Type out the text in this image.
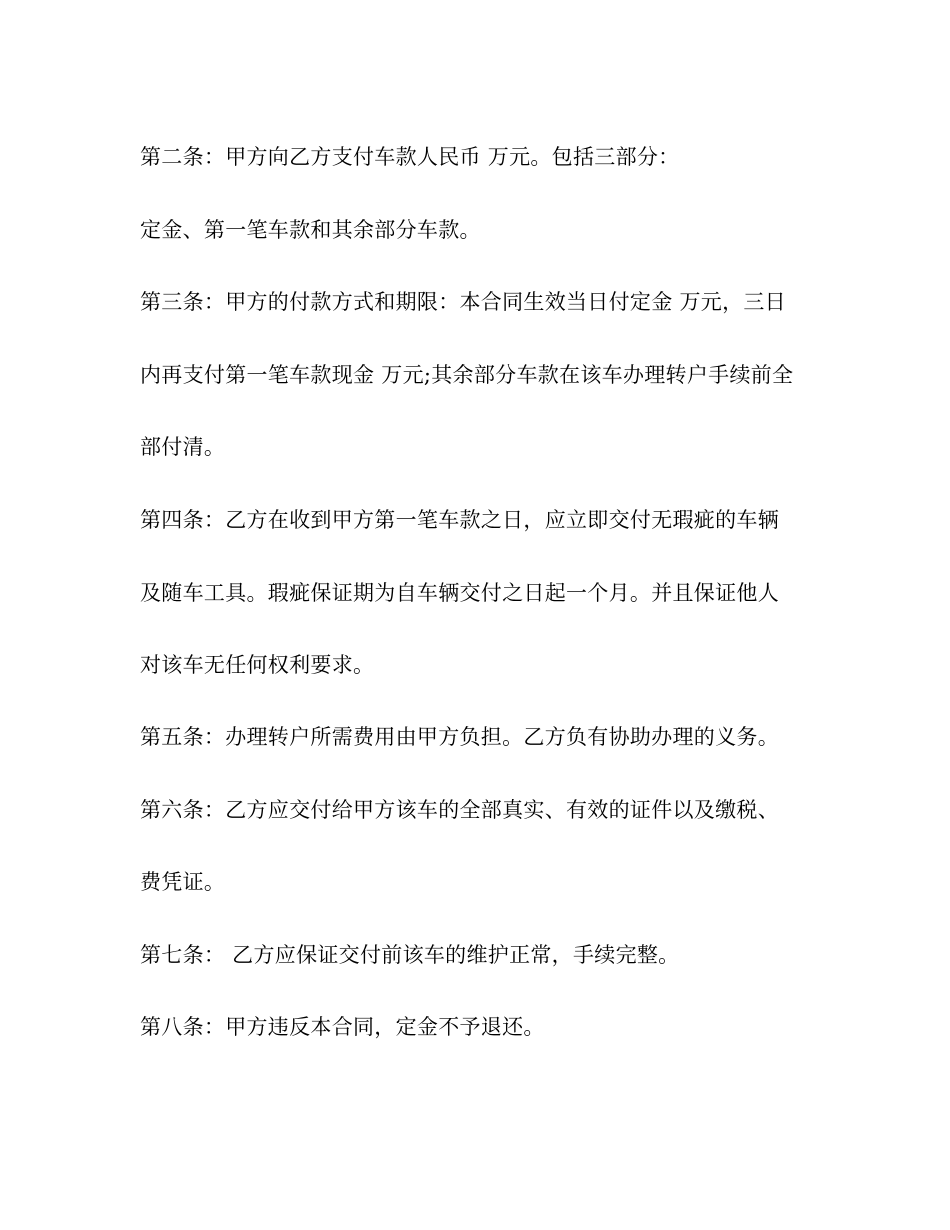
第二条：甲方向乙方支付车款人民币 万元。包括三部分：
定金、第一笔车款和其余部分车款。
第三条：甲方的付款方式和期限：本合同生效当日付定金 万元，三日
内再支付第一笔车款现金 万元;其余部分车款在该车办理转户手续前全
部付清。
第四条：乙方在收到甲方第一笔车款之日，应立即交付无瑕疵的车辆
及随车工具。瑕疵保证期为自车辆交付之日起一个月。并且保证他人
对该车无任何权利要求。
第五条：办理转户所需费用由甲方负担。乙方负有协助办理的义务。
第六条：乙方应交付给甲方该车的全部真实、有效的证件以及缴税、
费凭证。
第七条： 乙方应保证交付前该车的维护正常，手续完整。
第八条：甲方违反本合同，定金不予退还。
